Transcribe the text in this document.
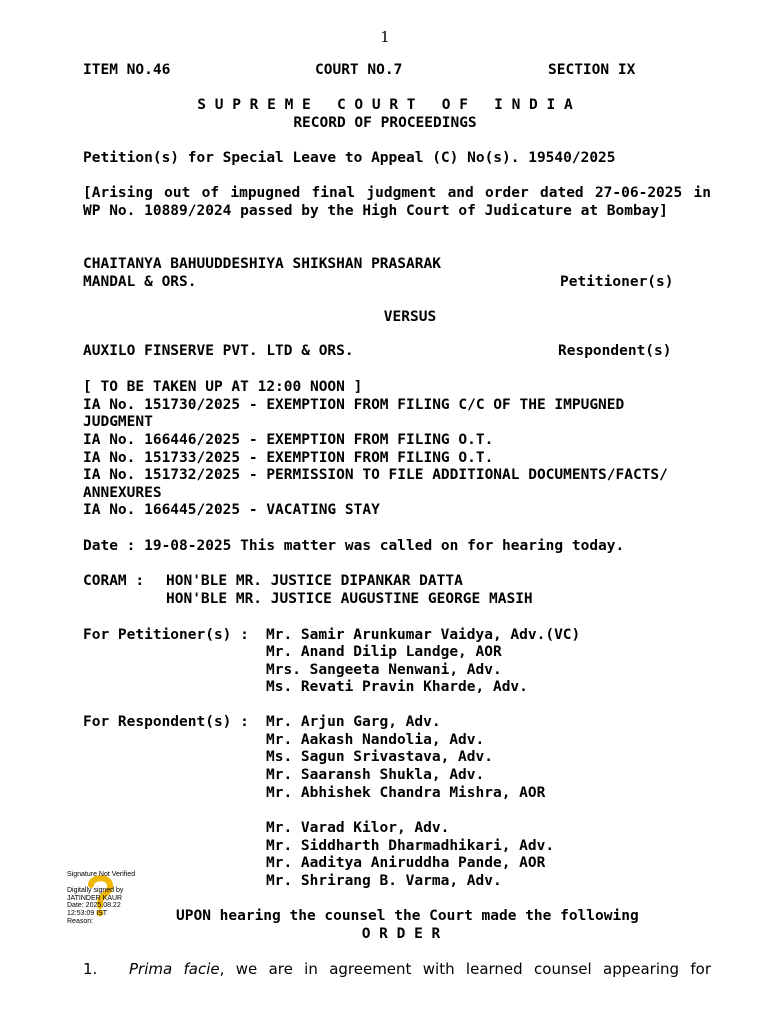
1
ITEM NO.46	COURT NO.7	SECTION IX
S U P R E M E   C O U R T   O F   I N D I A
RECORD OF PROCEEDINGS
Petition(s) for Special Leave to Appeal (C) No(s). 19540/2025
[Arising out of impugned final judgment and order dated 27-06-2025 in WP No. 10889/2024 passed by the High Court of Judicature at Bombay]
CHAITANYA BAHUUDDESHIYA SHIKSHAN PRASARAK
MANDAL & ORS.	Petitioner(s)
VERSUS
AUXILO FINSERVE PVT. LTD & ORS.	Respondent(s)
[ TO BE TAKEN UP AT 12:00 NOON ]
IA No. 151730/2025 - EXEMPTION FROM FILING C/C OF THE IMPUGNED
JUDGMENT
IA No. 166446/2025 - EXEMPTION FROM FILING O.T.
IA No. 151733/2025 - EXEMPTION FROM FILING O.T.
IA No. 151732/2025 - PERMISSION TO FILE ADDITIONAL DOCUMENTS/FACTS/
ANNEXURES
IA No. 166445/2025 - VACATING STAY
Date : 19-08-2025 This matter was called on for hearing today.
CORAM : HON'BLE MR. JUSTICE DIPANKAR DATTA
HON'BLE MR. JUSTICE AUGUSTINE GEORGE MASIH
For Petitioner(s) : Mr. Samir Arunkumar Vaidya, Adv.(VC)
Mr. Anand Dilip Landge, AOR
Mrs. Sangeeta Nenwani, Adv.
Ms. Revati Pravin Kharde, Adv.
For Respondent(s) : Mr. Arjun Garg, Adv.
Mr. Aakash Nandolia, Adv.
Ms. Sagun Srivastava, Adv.
Mr. Saaransh Shukla, Adv.
Mr. Abhishek Chandra Mishra, AOR
Mr. Varad Kilor, Adv.
Mr. Siddharth Dharmadhikari, Adv.
Mr. Aaditya Aniruddha Pande, AOR
Mr. Shrirang B. Varma, Adv.
UPON hearing the counsel the Court made the following
O R D E R
Signature Not Verified
Digitally signed by
JATINDER KAUR
Date: 2025.08.22
12:53:09 IST
Reason:
1. Prima facie, we are in agreement with learned counsel appearing for
